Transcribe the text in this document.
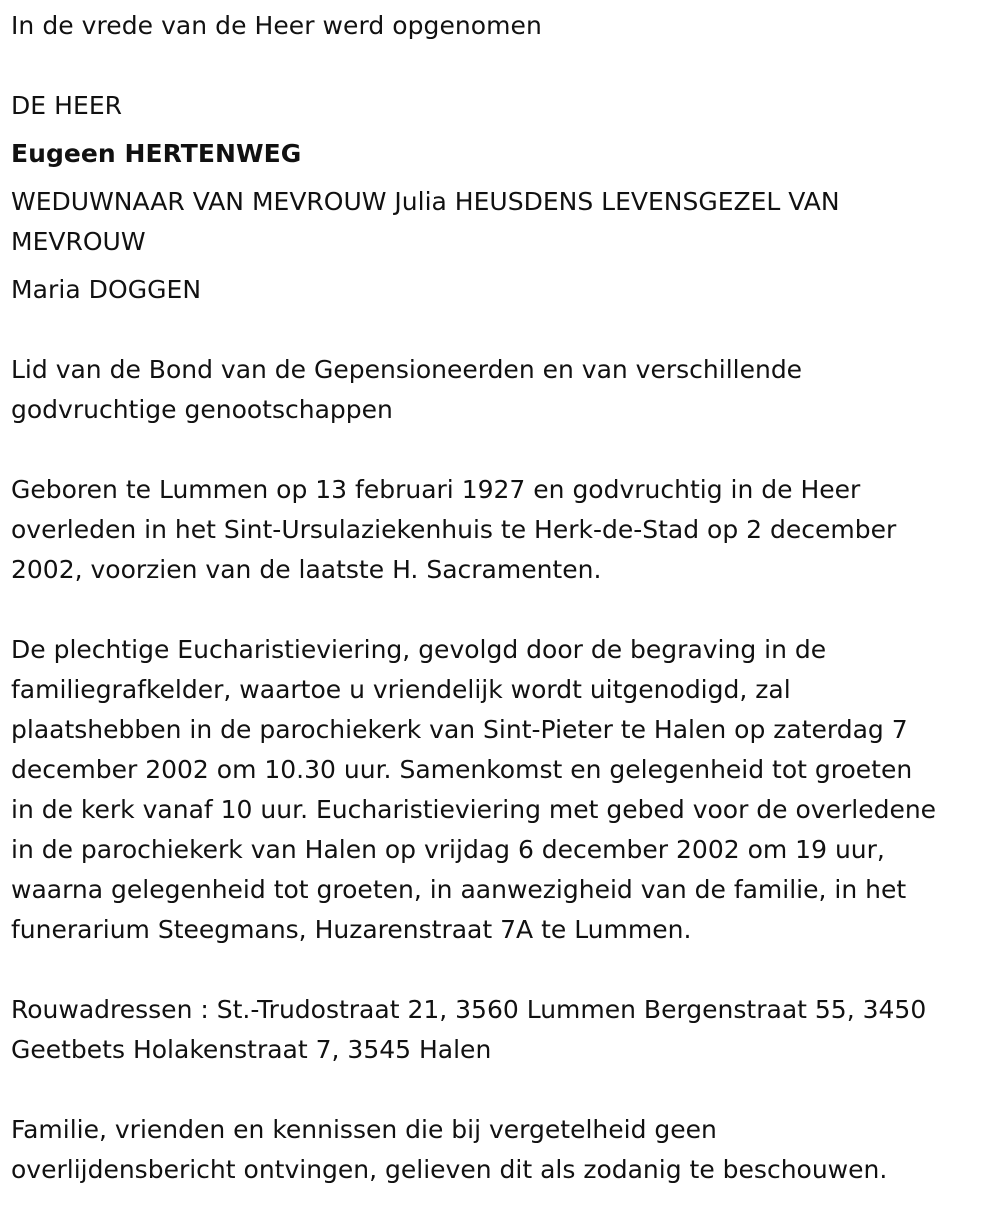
In de vrede van de Heer werd opgenomen

DE HEER

Eugeen HERTENWEG

WEDUWNAAR VAN MEVROUW Julia HEUSDENS LEVENSGEZEL VAN
MEVROUW

Maria DOGGEN

Lid van de Bond van de Gepensioneerden en van verschillende
godvruchtige genootschappen
Geboren te Lummen op 13 februari 1927 en godvruchtig in de Heer
overleden in het Sint-Ursulaziekenhuis te Herk-de-Stad op 2 december
2002, voorzien van de laatste H. Sacramenten.
De plechtige Eucharistieviering, gevolgd door de begraving in de
familiegrafkelder, waartoe u vriendelijk wordt uitgenodigd, zal
plaatshebben in de parochiekerk van Sint-Pieter te Halen op zaterdag 7
december 2002 om 10.30 uur. Samenkomst en gelegenheid tot groeten
in de kerk vanaf 10 uur. Eucharistieviering met gebed voor de overledene
in de parochiekerk van Halen op vrijdag 6 december 2002 om 19 uur,
waarna gelegenheid tot groeten, in aanwezigheid van de familie, in het
funerarium Steegmans, Huzarenstraat 7A te Lummen.
Rouwadressen : St.-Trudostraat 21, 3560 Lummen Bergenstraat 55, 3450
Geetbets Holakenstraat 7, 3545 Halen
Familie, vrienden en kennissen die bij vergetelheid geen
overlijdensbericht ontvingen, gelieven dit als zodanig te beschouwen.
